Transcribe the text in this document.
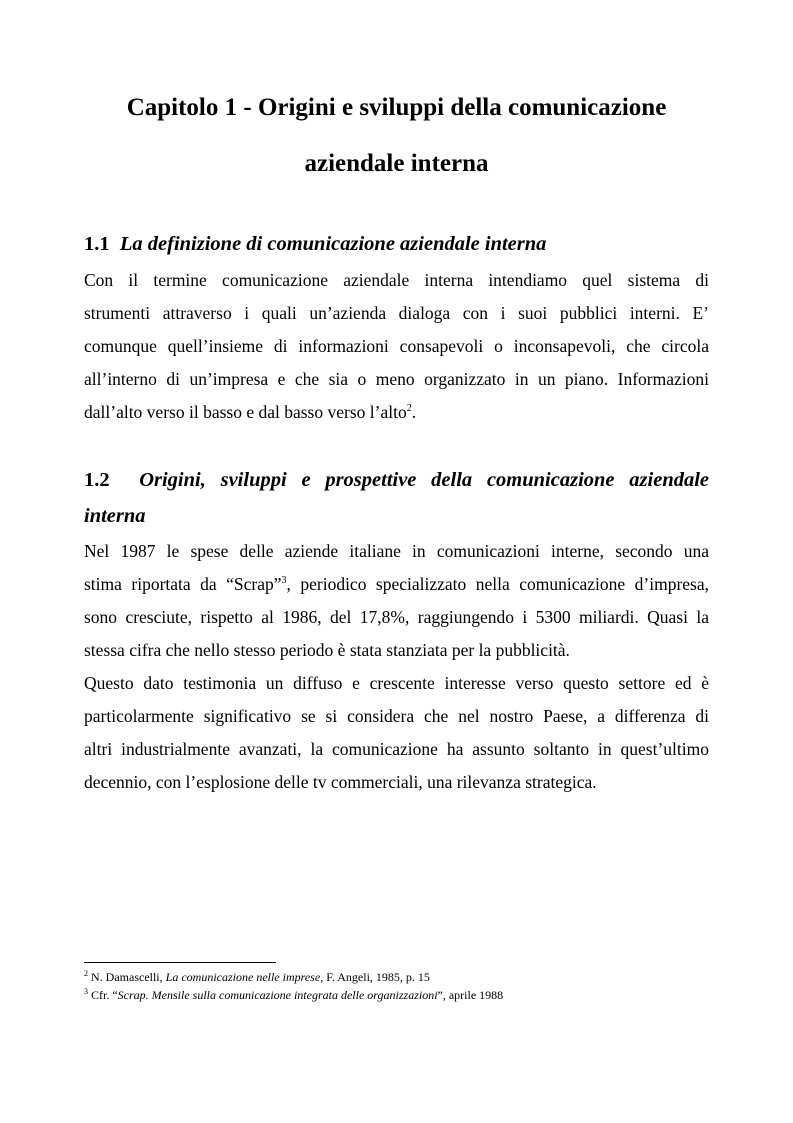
Capitolo 1 - Origini e sviluppi della comunicazione
aziendale interna
1.1 La definizione di comunicazione aziendale interna

Con il termine comunicazione aziendale interna intendiamo quel sistema di

strumenti attraverso i quali un’azienda dialoga con i suoi pubblici interni. E’

comunque quell’insieme di informazioni consapevoli o inconsapevoli, che circola

all’interno di un’impresa e che sia o meno organizzato in un piano. Informazioni

dall’alto verso il basso e dal basso verso l’alto$^2$.

1.2 Origini, sviluppi e prospettive della comunicazione aziendale
interna

Nel 1987 le spese delle aziende italiane in comunicazioni interne, secondo una

stima riportata da “Scrap”$^3$, periodico specializzato nella comunicazione d’impresa,

sono cresciute, rispetto al 1986, del 17,8%, raggiungendo i 5300 miliardi. Quasi la

stessa cifra che nello stesso periodo è stata stanziata per la pubblicità.

Questo dato testimonia un diffuso e crescente interesse verso questo settore ed è

particolarmente significativo se si considera che nel nostro Paese, a differenza di

altri industrialmente avanzati, la comunicazione ha assunto soltanto in quest’ultimo

decennio, con l’esplosione delle tv commerciali, una rilevanza strategica.

$^2$ N. Damascelli, La comunicazione nelle imprese, F. Angeli, 1985, p. 15

$^3$ Cfr. “Scrap. Mensile sulla comunicazione integrata delle organizzazioni”, aprile 1988
